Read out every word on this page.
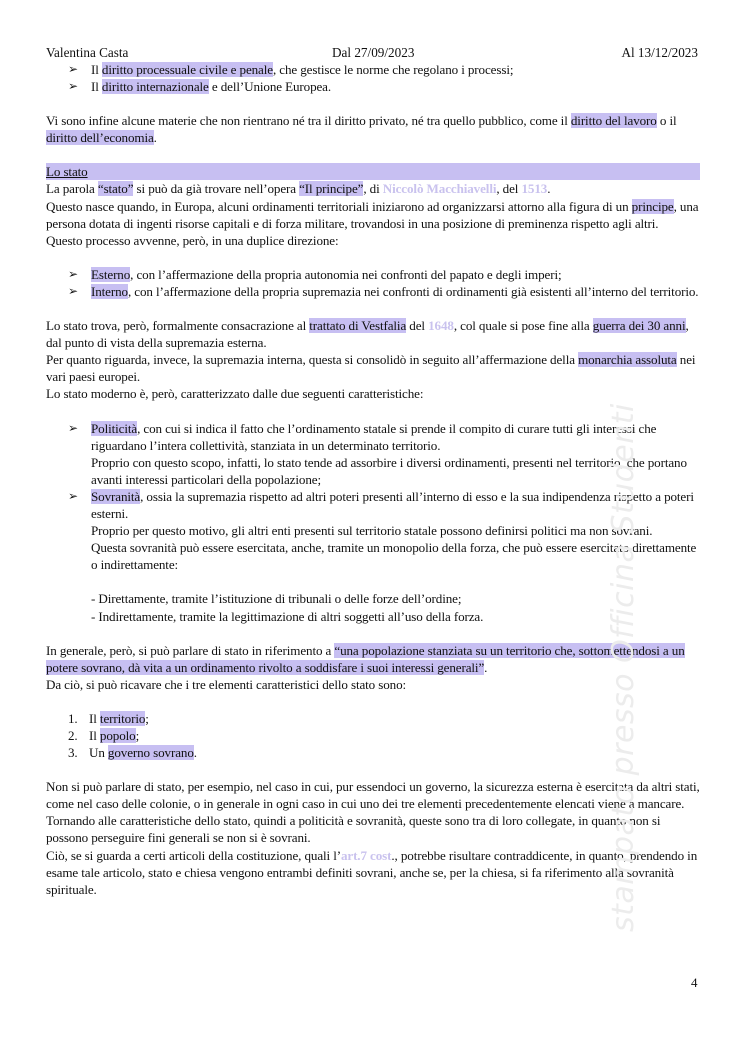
Valentina Casta	Dal 27/09/2023	Al 13/12/2023
➢ Il diritto processuale civile e penale, che gestisce le norme che regolano i processi;
➢ Il diritto internazionale e dell’Unione Europea.

Vi sono infine alcune materie che non rientrano né tra il diritto privato, né tra quello pubblico, come il diritto del lavoro o il diritto dell’economia.

Lo stato

La parola “stato” si può da già trovare nell’opera “Il principe”, di Niccolò Macchiavelli, del 1513.

Questo nasce quando, in Europa, alcuni ordinamenti territoriali iniziarono ad organizzarsi attorno alla figura di un principe, una persona dotata di ingenti risorse capitali e di forza militare, trovandosi in una posizione di preminenza rispetto agli altri.

Questo processo avvenne, però, in una duplice direzione:

➢ Esterno, con l’affermazione della propria autonomia nei confronti del papato e degli imperi;
➢ Interno, con l’affermazione della propria supremazia nei confronti di ordinamenti già esistenti all’interno del territorio.

Lo stato trova, però, formalmente consacrazione al trattato di Vestfalia del 1648, col quale si pose fine alla guerra dei 30 anni, dal punto di vista della supremazia esterna.

Per quanto riguarda, invece, la supremazia interna, questa si consolidò in seguito all’affermazione della monarchia assoluta nei vari paesi europei.

Lo stato moderno è, però, caratterizzato dalle due seguenti caratteristiche:

➢ Politicità, con cui si indica il fatto che l’ordinamento statale si prende il compito di curare tutti gli interessi che riguardano l’intera collettività, stanziata in un determinato territorio.
Proprio con questo scopo, infatti, lo stato tende ad assorbire i diversi ordinamenti, presenti nel territorio, che portano avanti interessi particolari della popolazione;
➢ Sovranità, ossia la supremazia rispetto ad altri poteri presenti all’interno di esso e la sua indipendenza rispetto a poteri esterni.
Proprio per questo motivo, gli altri enti presenti sul territorio statale possono definirsi politici ma non sovrani.
Questa sovranità può essere esercitata, anche, tramite un monopolio della forza, che può essere esercitato direttamente o indirettamente:

- Direttamente, tramite l’istituzione di tribunali o delle forze dell’ordine;
- Indirettamente, tramite la legittimazione di altri soggetti all’uso della forza.

In generale, però, si può parlare di stato in riferimento a “una popolazione stanziata su un territorio che, sottomettendosi a un potere sovrano, dà vita a un ordinamento rivolto a soddisfare i suoi interessi generali”.

Da ciò, si può ricavare che i tre elementi caratteristici dello stato sono:

1. Il territorio;
2. Il popolo;
3. Un governo sovrano.

Non si può parlare di stato, per esempio, nel caso in cui, pur essendoci un governo, la sicurezza esterna è esercitata da altri stati, come nel caso delle colonie, o in generale in ogni caso in cui uno dei tre elementi precedentemente elencati viene a mancare.

Tornando alle caratteristiche dello stato, quindi a politicità e sovranità, queste sono tra di loro collegate, in quanto non si possono perseguire fini generali se non si è sovrani.

Ciò, se si guarda a certi articoli della costituzione, quali l’art.7 cost., potrebbe risultare contraddicente, in quanto, prendendo in esame tale articolo, stato e chiesa vengono entrambi definiti sovrani, anche se, per la chiesa, si fa riferimento alla sovranità spirituale.	stampato presso Officina Studenti
4
